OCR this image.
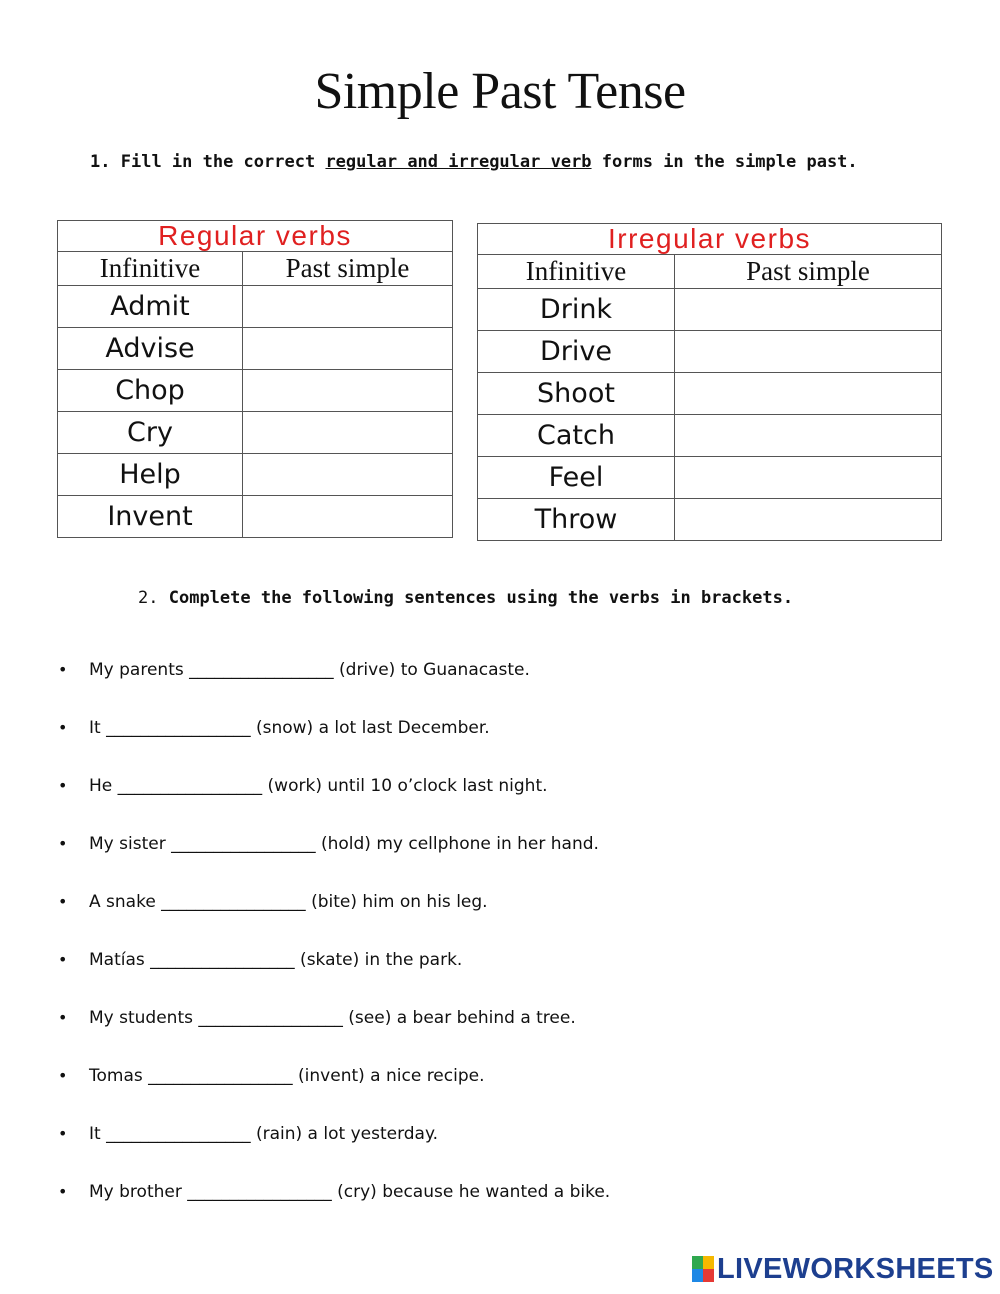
Simple Past Tense
1. Fill in the correct regular and irregular verb forms in the simple past.
Regular verbs	
Infinitive	Past simple
Admit	
Advise	
Chop	
Cry	
Help	
Invent	
Irregular verbs	
Infinitive	Past simple
Drink	
Drive	
Shoot	
Catch	
Feel	
Throw	
2. Complete the following sentences using the verbs in brackets.
• My parents _________________ (drive) to Guanacaste.
• It _________________ (snow) a lot last December.
• He _________________ (work) until 10 o’clock last night.
• My sister _________________ (hold) my cellphone in her hand.
• A snake _________________ (bite) him on his leg.
• Matías _________________ (skate) in the park.
• My students _________________ (see) a bear behind a tree.
• Tomas _________________ (invent) a nice recipe.
• It _________________ (rain) a lot yesterday.
• My brother _________________ (cry) because he wanted a bike.
LIVEWORKSHEETS
